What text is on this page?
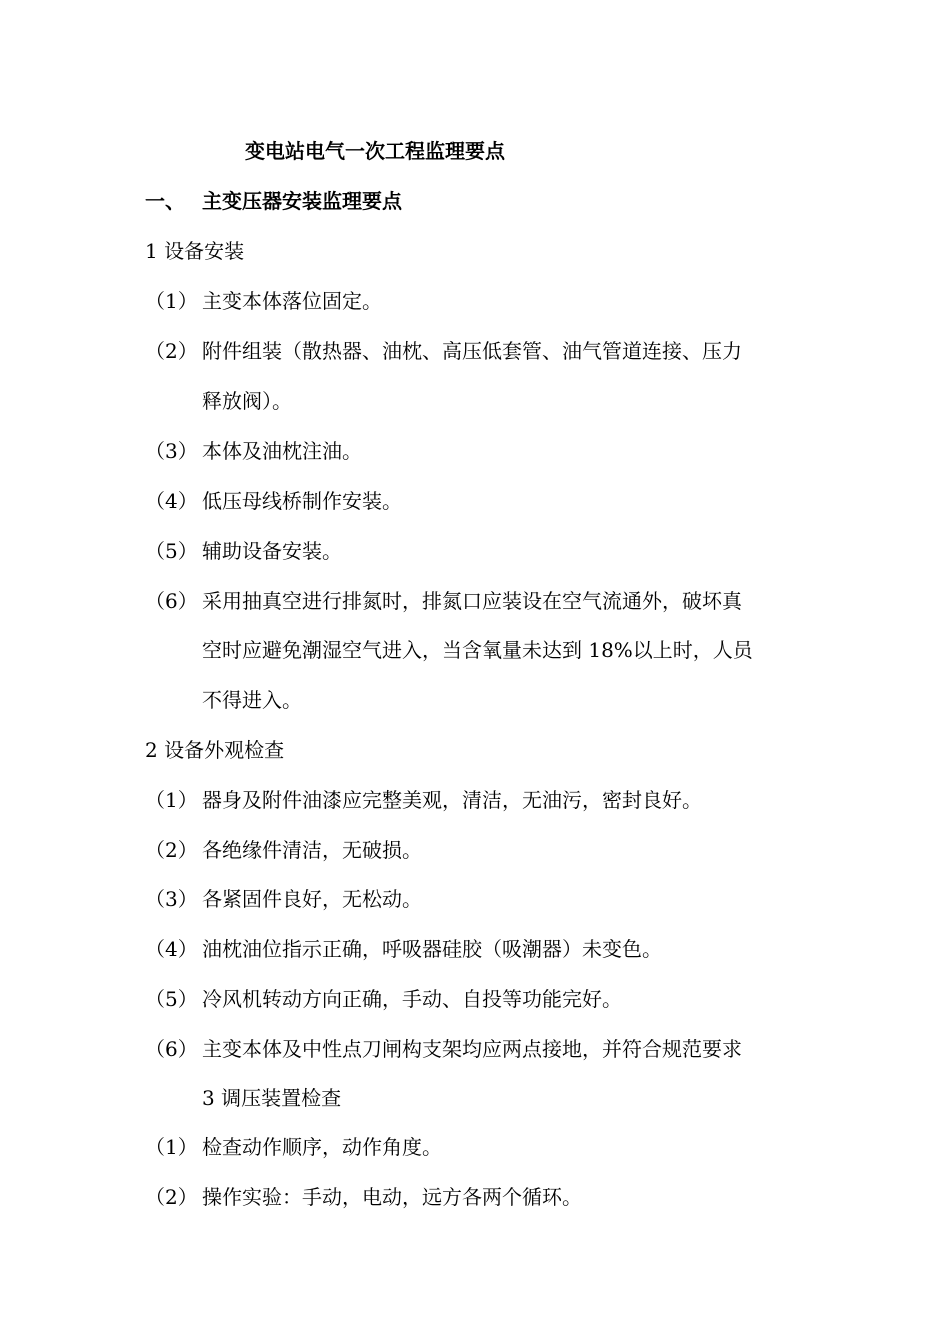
变电站电气一次工程监理要点
一、 主变压器安装监理要点
1 设备安装
（1） 主变本体落位固定。
（2） 附件组装（散热器、油枕、高压低套管、油气管道连接、压力
释放阀）。
（3） 本体及油枕注油。
（4） 低压母线桥制作安装。
（5） 辅助设备安装。
（6） 采用抽真空进行排氮时，排氮口应装设在空气流通外，破坏真
空时应避免潮湿空气进入，当含氧量未达到 18%以上时，人员
不得进入。
2 设备外观检查
（1） 器身及附件油漆应完整美观，清洁，无油污，密封良好。
（2） 各绝缘件清洁，无破损。
（3） 各紧固件良好，无松动。
（4） 油枕油位指示正确，呼吸器硅胶（吸潮器）未变色。
（5） 冷风机转动方向正确，手动、自投等功能完好。
（6） 主变本体及中性点刀闸构支架均应两点接地，并符合规范要求
3 调压装置检查
（1） 检查动作顺序，动作角度。
（2） 操作实验：手动，电动，远方各两个循环。
